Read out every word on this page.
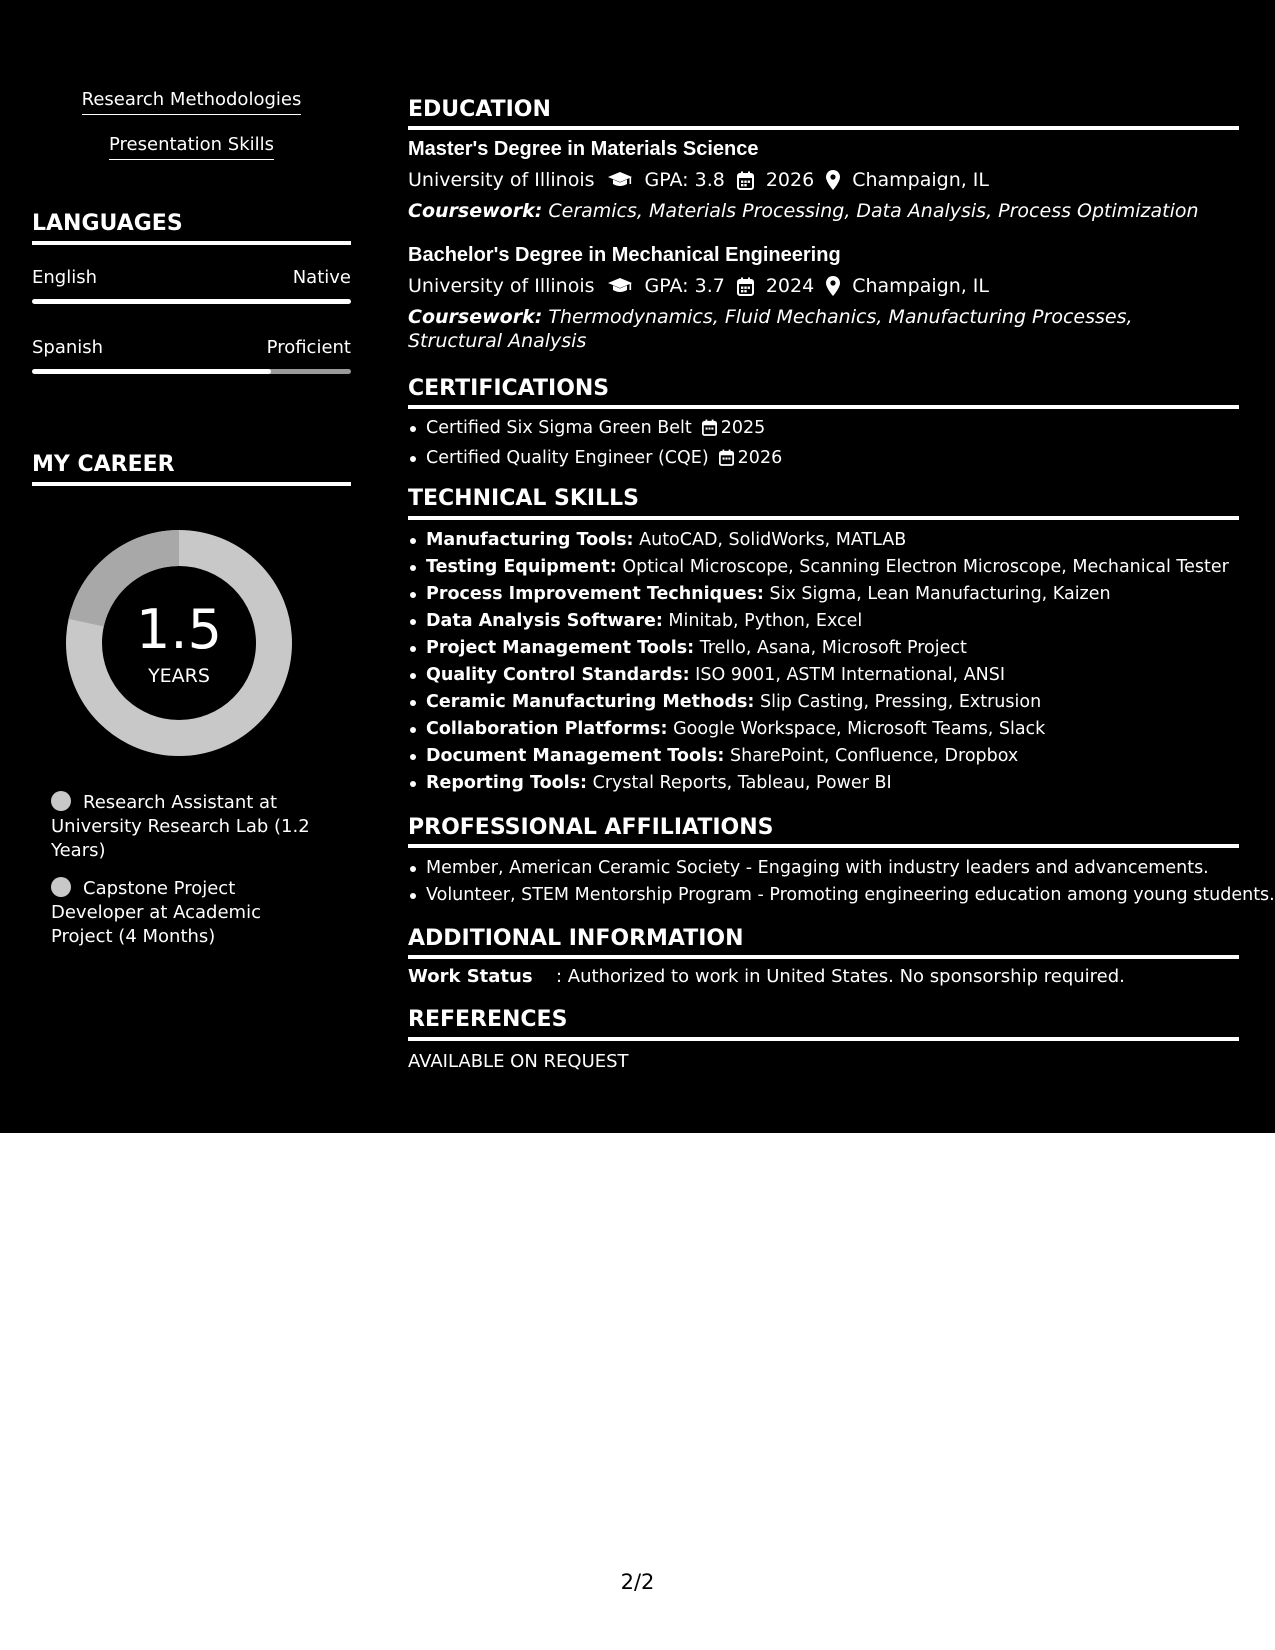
Research Methodologies
Presentation Skills
LANGUAGES
English	Native
Spanish	Proficient
MY CAREER
1.5
YEARS
Research Assistant at University Research Lab (1.2 Years)
Capstone Project Developer at Academic Project (4 Months)
EDUCATION
Master's Degree in Materials Science
University of Illinois	GPA: 3.8 2026 Champaign, IL
Coursework: Ceramics, Materials Processing, Data Analysis, Process Optimization
Bachelor's Degree in Mechanical Engineering
University of Illinois	GPA: 3.7 2024 Champaign, IL
Coursework: Thermodynamics, Fluid Mechanics, Manufacturing Processes, Structural Analysis
CERTIFICATIONS
Certified Six Sigma Green Belt 2025
Certified Quality Engineer (CQE) 2026
TECHNICAL SKILLS
Manufacturing Tools: AutoCAD, SolidWorks, MATLAB
Testing Equipment: Optical Microscope, Scanning Electron Microscope, Mechanical Tester
Process Improvement Techniques: Six Sigma, Lean Manufacturing, Kaizen
Data Analysis Software: Minitab, Python, Excel
Project Management Tools: Trello, Asana, Microsoft Project
Quality Control Standards: ISO 9001, ASTM International, ANSI
Ceramic Manufacturing Methods: Slip Casting, Pressing, Extrusion
Collaboration Platforms: Google Workspace, Microsoft Teams, Slack
Document Management Tools: SharePoint, Confluence, Dropbox
Reporting Tools: Crystal Reports, Tableau, Power BI
PROFESSIONAL AFFILIATIONS
Member, American Ceramic Society - Engaging with industry leaders and advancements.
Volunteer, STEM Mentorship Program - Promoting engineering education among young students.
ADDITIONAL INFORMATION
Work Status : Authorized to work in United States. No sponsorship required.
REFERENCES
AVAILABLE ON REQUEST
2/2
